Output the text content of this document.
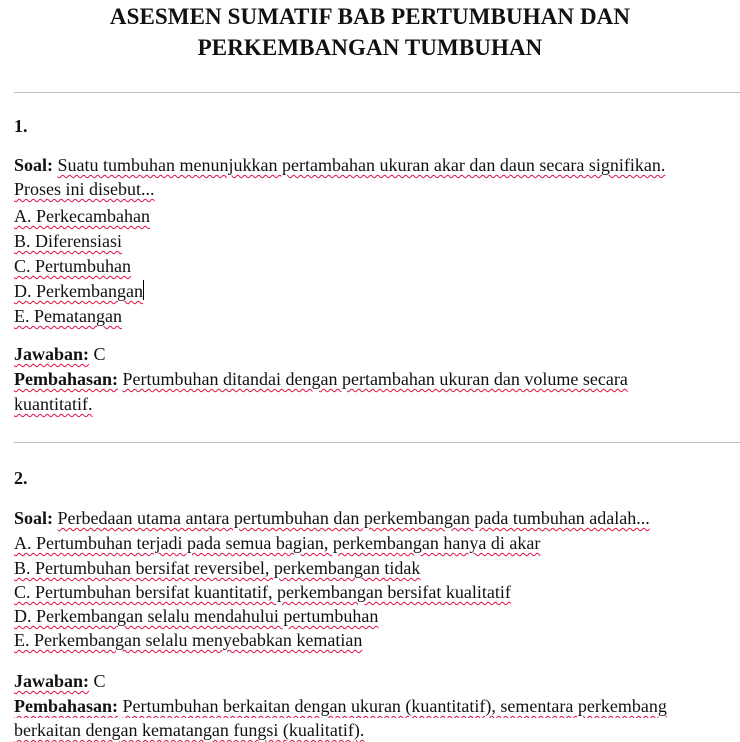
ASESMEN SUMATIF BAB PERTUMBUHAN DAN
PERKEMBANGAN TUMBUHAN
1.
Soal: Suatu tumbuhan menunjukkan pertambahan ukuran akar dan daun secara signifikan.
Proses ini disebut...
A. Perkecambahan
B. Diferensiasi
C. Pertumbuhan
D. Perkembangan
E. Pematangan
Jawaban: C
Pembahasan: Pertumbuhan ditandai dengan pertambahan ukuran dan volume secara
kuantitatif.
2.
Soal: Perbedaan utama antara pertumbuhan dan perkembangan pada tumbuhan adalah...
A. Pertumbuhan terjadi pada semua bagian, perkembangan hanya di akar
B. Pertumbuhan bersifat reversibel, perkembangan tidak
C. Pertumbuhan bersifat kuantitatif, perkembangan bersifat kualitatif
D. Perkembangan selalu mendahului pertumbuhan
E. Perkembangan selalu menyebabkan kematian
Jawaban: C
Pembahasan: Pertumbuhan berkaitan dengan ukuran (kuantitatif), sementara perkembang
berkaitan dengan kematangan fungsi (kualitatif).
